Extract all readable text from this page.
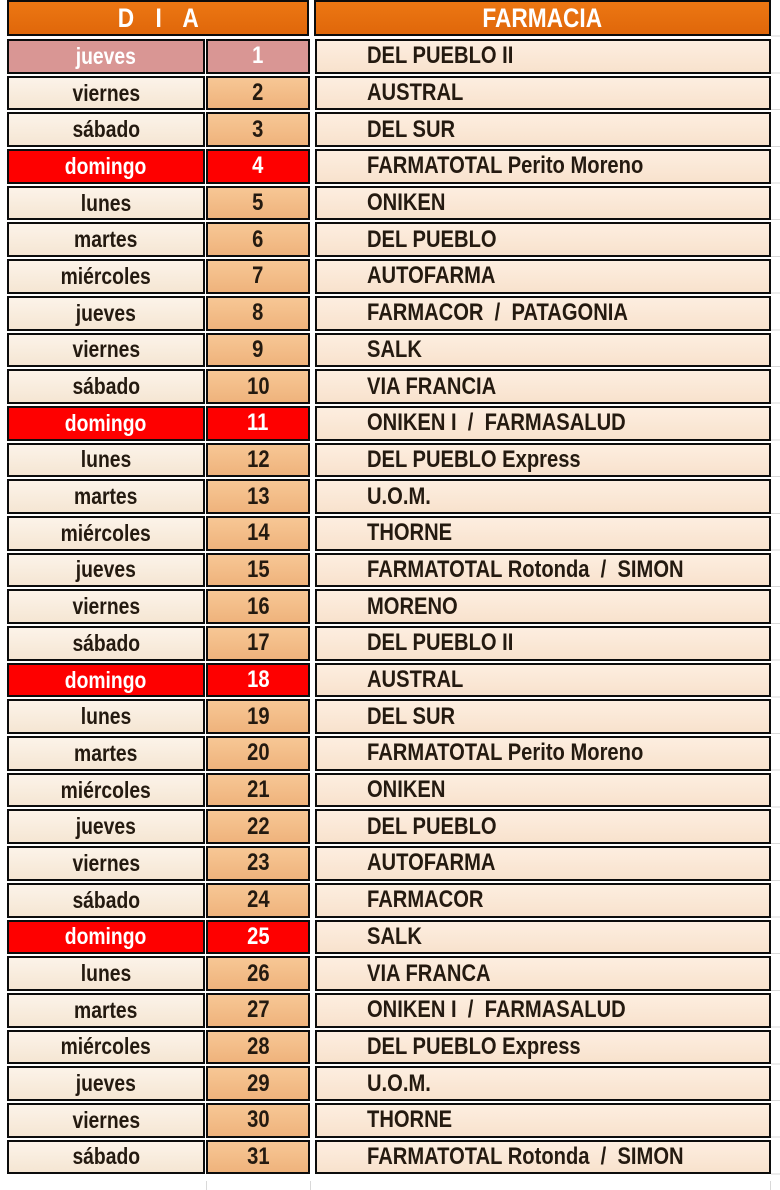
D I A	FARMACIA
jueves	1	DEL PUEBLO II
viernes	2	AUSTRAL
sábado	3	DEL SUR
domingo	4	FARMATOTAL Perito Moreno
lunes	5	ONIKEN
martes	6	DEL PUEBLO
miércoles	7	AUTOFARMA
jueves	8	FARMACOR  /  PATAGONIA
viernes	9	SALK
sábado	10	VIA FRANCIA
domingo	11	ONIKEN I  /  FARMASALUD
lunes	12	DEL PUEBLO Express
martes	13	U.O.M.
miércoles	14	THORNE
jueves	15	FARMATOTAL Rotonda  /  SIMON
viernes	16	MORENO
sábado	17	DEL PUEBLO II
domingo	18	AUSTRAL
lunes	19	DEL SUR
martes	20	FARMATOTAL Perito Moreno
miércoles	21	ONIKEN
jueves	22	DEL PUEBLO
viernes	23	AUTOFARMA
sábado	24	FARMACOR
domingo	25	SALK
lunes	26	VIA FRANCA
martes	27	ONIKEN I  /  FARMASALUD
miércoles	28	DEL PUEBLO Express
jueves	29	U.O.M.
viernes	30	THORNE
sábado	31	FARMATOTAL Rotonda  /  SIMON
